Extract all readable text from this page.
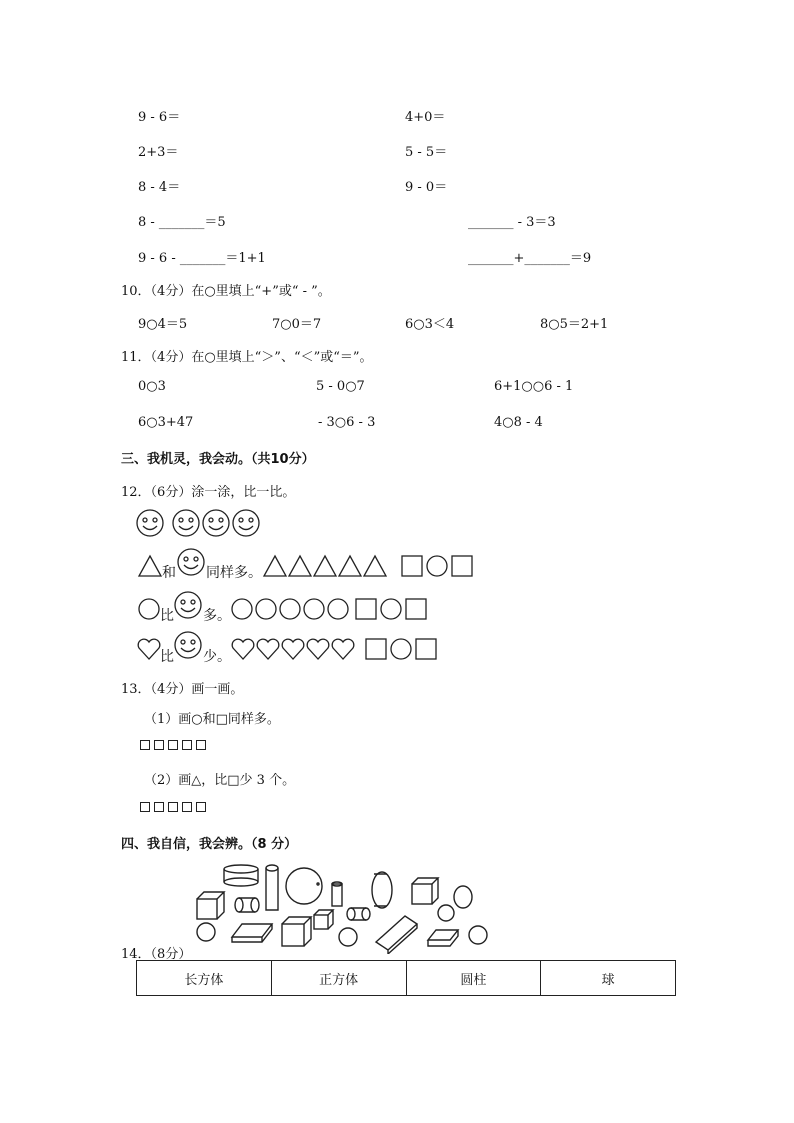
9 - 6＝	4+0＝
2+3＝	5 - 5＝
8 - 4＝	9 - 0＝
8 - _______＝5	_______ - 3＝3
9 - 6 - _______＝1+1	_______+_______＝9
10．（4分）在○里填上“+”或“ - ”。
9○4＝5	7○0＝7	6○3＜4	8○5＝2+1
11．（4分）在○里填上“＞”、“＜”或“＝”。
0○3	5 - 0○7	6+1○○6 - 1
6○3+47	- 3○6 - 3	4○8 - 4
三、我机灵，我会动。（共10分）
12．（6分）涂一涂，比一比。
和 同样多。
比 多。
比 少。
13．（4分）画一画。
（1）画○和□同样多。
（2）画△，比□少 3 个。
四、我自信，我会辨。（8 分）
14．（8分）
长方体	正方体	圆柱	球
